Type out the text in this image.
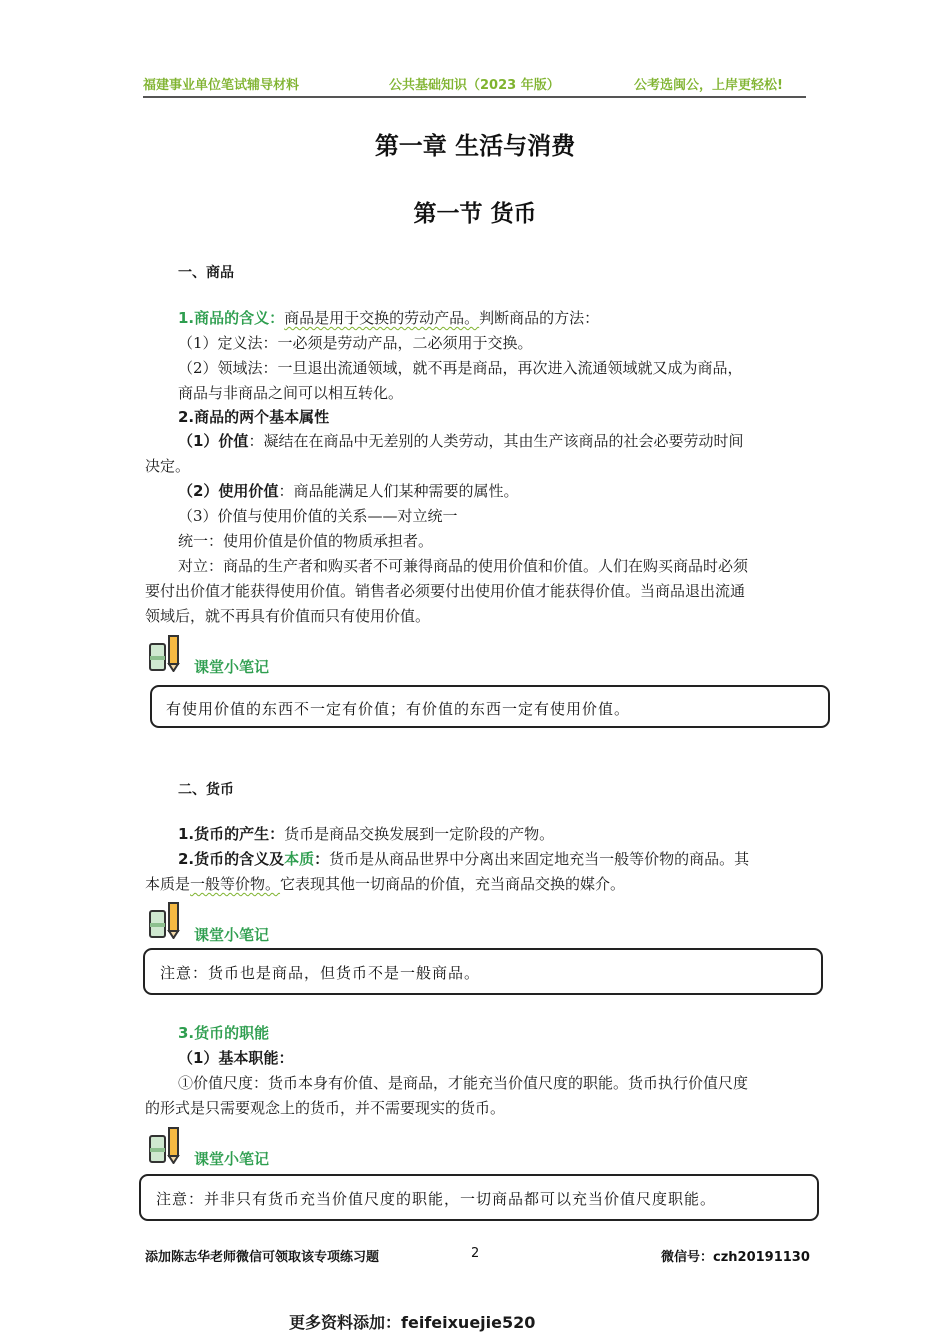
福建事业单位笔试辅导材料	公共基础知识（2023 年版）	公考选闽公，上岸更轻松!
第一章 生活与消费
第一节 货币
一、商品
1.商品的含义：商品是用于交换的劳动产品。判断商品的方法：
（1）定义法：一必须是劳动产品，二必须用于交换。
（2）领域法：一旦退出流通领域，就不再是商品，再次进入流通领域就又成为商品，
商品与非商品之间可以相互转化。
2.商品的两个基本属性
（1）价值：凝结在在商品中无差别的人类劳动，其由生产该商品的社会必要劳动时间
决定。
（2）使用价值：商品能满足人们某种需要的属性。
（3）价值与使用价值的关系——对立统一
统一：使用价值是价值的物质承担者。
对立：商品的生产者和购买者不可兼得商品的使用价值和价值。人们在购买商品时必须
要付出价值才能获得使用价值。销售者必须要付出使用价值才能获得价值。当商品退出流通
领域后，就不再具有价值而只有使用价值。
课堂小笔记
有使用价值的东西不一定有价值；有价值的东西一定有使用价值。
二、货币
1.货币的产生：货币是商品交换发展到一定阶段的产物。
2.货币的含义及本质：货币是从商品世界中分离出来固定地充当一般等价物的商品。其
本质是一般等价物。它表现其他一切商品的价值，充当商品交换的媒介。
课堂小笔记
注意：货币也是商品，但货币不是一般商品。
3.货币的职能
（1）基本职能：
①价值尺度：货币本身有价值、是商品，才能充当价值尺度的职能。货币执行价值尺度
的形式是只需要观念上的货币，并不需要现实的货币。
课堂小笔记
注意：并非只有货币充当价值尺度的职能，一切商品都可以充当价值尺度职能。
添加陈志华老师微信可领取该专项练习题	2	微信号：czh20191130
更多资料添加：feifeixuejie520
